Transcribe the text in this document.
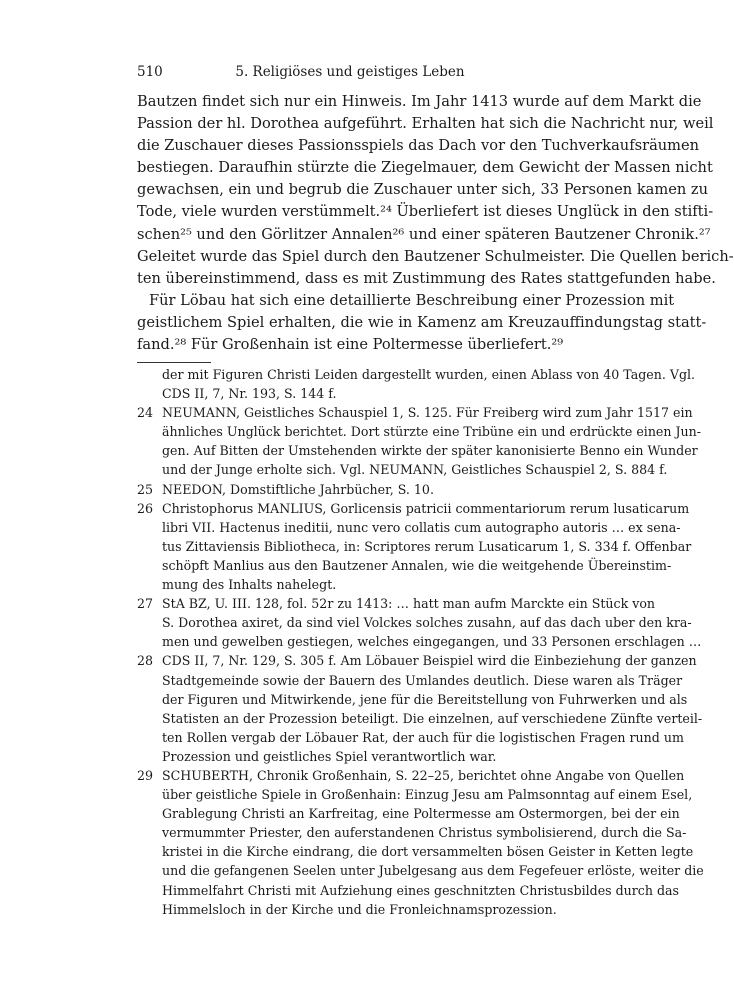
510	5. Religiöses und geistiges Leben
Bautzen findet sich nur ein Hinweis. Im Jahr 1413 wurde auf dem Markt die
Passion der hl. Dorothea aufgeführt. Erhalten hat sich die Nachricht nur, weil
die Zuschauer dieses Passionsspiels das Dach vor den Tuchverkaufsräumen
bestiegen. Daraufhin stürzte die Ziegelmauer, dem Gewicht der Massen nicht
gewachsen, ein und begrub die Zuschauer unter sich, 33 Personen kamen zu
Tode, viele wurden verstümmelt.²⁴ Überliefert ist dieses Unglück in den stifti-
schen²⁵ und den Görlitzer Annalen²⁶ und einer späteren Bautzener Chronik.²⁷
Geleitet wurde das Spiel durch den Bautzener Schulmeister. Die Quellen berich-
ten übereinstimmend, dass es mit Zustimmung des Rates stattgefunden habe.
Für Löbau hat sich eine detaillierte Beschreibung einer Prozession mit
geistlichem Spiel erhalten, die wie in Kamenz am Kreuzauffindungstag statt-
fand.²⁸ Für Großenhain ist eine Poltermesse überliefert.²⁹
der mit Figuren Christi Leiden dargestellt wurden, einen Ablass von 40 Tagen. Vgl.
CDS II, 7, Nr. 193, S. 144 f.
24 NEUMANN, Geistliches Schauspiel 1, S. 125. Für Freiberg wird zum Jahr 1517 ein
ähnliches Unglück berichtet. Dort stürzte eine Tribüne ein und erdrückte einen Jun-
gen. Auf Bitten der Umstehenden wirkte der später kanonisierte Benno ein Wunder
und der Junge erholte sich. Vgl. NEUMANN, Geistliches Schauspiel 2, S. 884 f.
25 NEEDON, Domstiftliche Jahrbücher, S. 10.
26 Christophorus MANLIUS, Gorlicensis patricii commentariorum rerum lusaticarum
libri VII. Hactenus ineditii, nunc vero collatis cum autographo autoris … ex sena-
tus Zittaviensis Bibliotheca, in: Scriptores rerum Lusaticarum 1, S. 334 f. Offenbar
schöpft Manlius aus den Bautzener Annalen, wie die weitgehende Übereinstim-
mung des Inhalts nahelegt.
27 StA BZ, U. III. 128, fol. 52r zu 1413: … hatt man aufm Marckte ein Stück von
S. Dorothea axiret, da sind viel Volckes solches zusahn, auf das dach uber den kra-
men und gewelben gestiegen, welches eingegangen, und 33 Personen erschlagen …
28 CDS II, 7, Nr. 129, S. 305 f. Am Löbauer Beispiel wird die Einbeziehung der ganzen
Stadtgemeinde sowie der Bauern des Umlandes deutlich. Diese waren als Träger
der Figuren und Mitwirkende, jene für die Bereitstellung von Fuhrwerken und als
Statisten an der Prozession beteiligt. Die einzelnen, auf verschiedene Zünfte verteil-
ten Rollen vergab der Löbauer Rat, der auch für die logistischen Fragen rund um
Prozession und geistliches Spiel verantwortlich war.
29 SCHUBERTH, Chronik Großenhain, S. 22–25, berichtet ohne Angabe von Quellen
über geistliche Spiele in Großenhain: Einzug Jesu am Palmsonntag auf einem Esel,
Grablegung Christi an Karfreitag, eine Poltermesse am Ostermorgen, bei der ein
vermummter Priester, den auferstandenen Christus symbolisierend, durch die Sa-
kristei in die Kirche eindrang, die dort versammelten bösen Geister in Ketten legte
und die gefangenen Seelen unter Jubelgesang aus dem Fegefeuer erlöste, weiter die
Himmelfahrt Christi mit Aufziehung eines geschnitzten Christusbildes durch das
Himmelsloch in der Kirche und die Fronleichnamsprozession.
